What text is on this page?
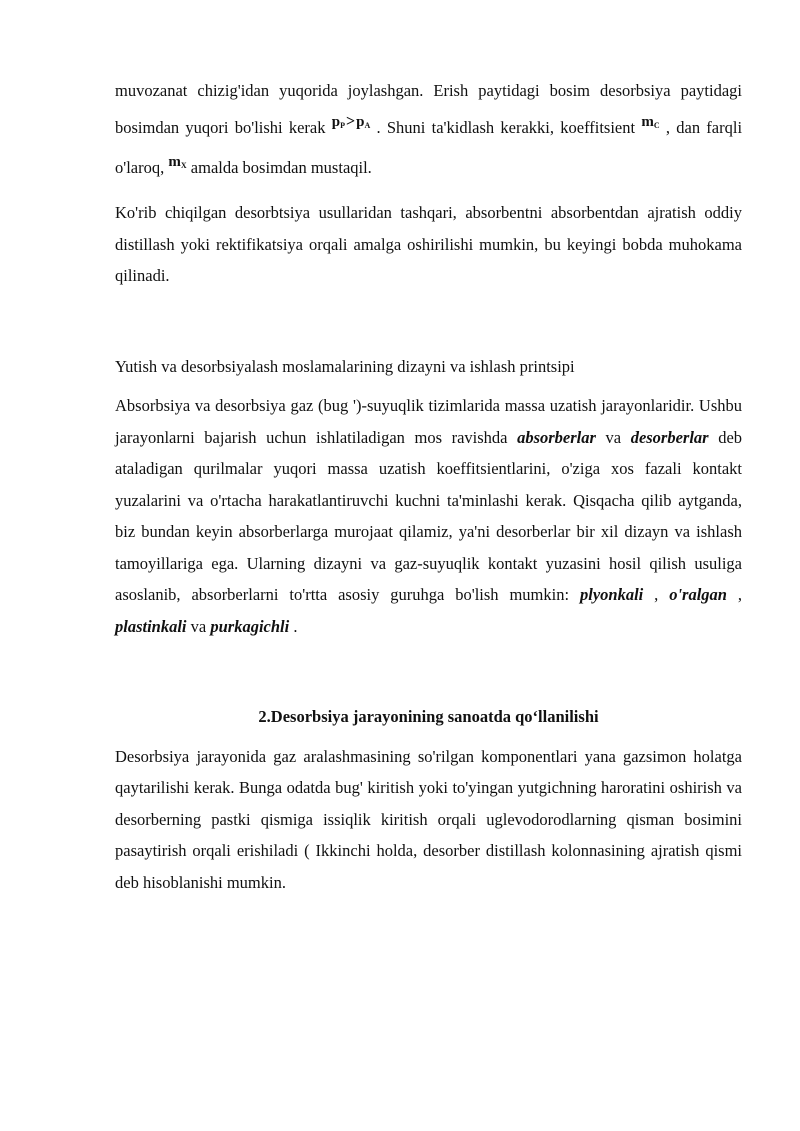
muvozanat chizig'idan yuqorida joylashgan. Erish paytidagi bosim desorbsiya paytidagi bosimdan yuqori bo'lishi kerak $p_P>p_A$ . Shuni ta'kidlash kerakki, koeffitsient $m_C$ , dan farqli o'laroq, $m_X$ amalda bosimdan mustaqil.

Ko'rib chiqilgan desorbtsiya usullaridan tashqari, absorbentni absorbentdan ajratish oddiy distillash yoki rektifikatsiya orqali amalga oshirilishi mumkin, bu keyingi bobda muhokama qilinadi.

Yutish va desorbsiyalash moslamalarining dizayni va ishlash printsipi

Absorbsiya va desorbsiya gaz (bug ')-suyuqlik tizimlarida massa uzatish jarayonlaridir. Ushbu jarayonlarni bajarish uchun ishlatiladigan mos ravishda absorberlar va desorberlar deb ataladigan qurilmalar yuqori massa uzatish koeffitsientlarini, o'ziga xos fazali kontakt yuzalarini va o'rtacha harakatlantiruvchi kuchni ta'minlashi kerak. Qisqacha qilib aytganda, biz bundan keyin absorberlarga murojaat qilamiz, ya'ni desorberlar bir xil dizayn va ishlash tamoyillariga ega. Ularning dizayni va gaz-suyuqlik kontakt yuzasini hosil qilish usuliga asoslanib, absorberlarni to'rtta asosiy guruhga bo'lish mumkin: plyonkali , o'ralgan , plastinkali va purkagichli .

2.Desorbsiya jarayonining sanoatda qo‘llanilishi

Desorbsiya jarayonida gaz aralashmasining so'rilgan komponentlari yana gazsimon holatga qaytarilishi kerak. Bunga odatda bug' kiritish yoki to'yingan yutgichning haroratini oshirish va desorberning pastki qismiga issiqlik kiritish orqali uglevodorodlarning qisman bosimini pasaytirish orqali erishiladi ( Ikkinchi holda, desorber distillash kolonnasining ajratish qismi deb hisoblanishi mumkin.
